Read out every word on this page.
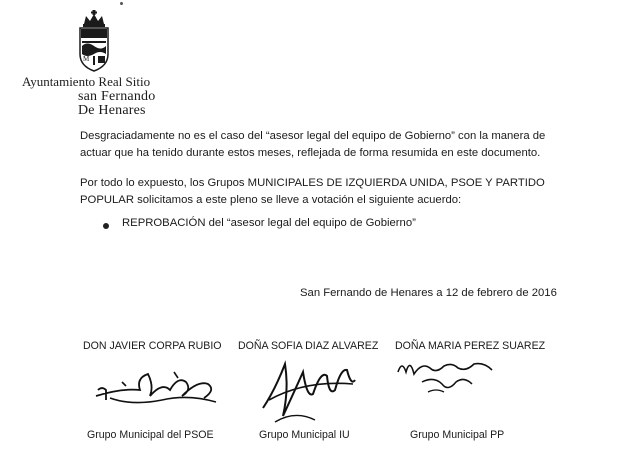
M
Ayuntamiento Real Sitio
san Fernando
De Henares
Desgraciadamente no es el caso del “asesor legal del equipo de Gobierno” con la manera de actuar que ha tenido durante estos meses, reflejada de forma resumida en este documento.
Por todo lo expuesto, los Grupos MUNICIPALES DE IZQUIERDA UNIDA, PSOE Y PARTIDO POPULAR solicitamos a este pleno se lleve a votación el siguiente acuerdo:
REPROBACIÓN del “asesor legal del equipo de Gobierno”
San Fernando de Henares a 12 de febrero de 2016
DON JAVIER CORPA RUBIO DOÑA SOFIA DIAZ ALVAREZ DOÑA MARIA PEREZ SUAREZ
Grupo Municipal del PSOE	Grupo Municipal IU	Grupo Municipal PP
